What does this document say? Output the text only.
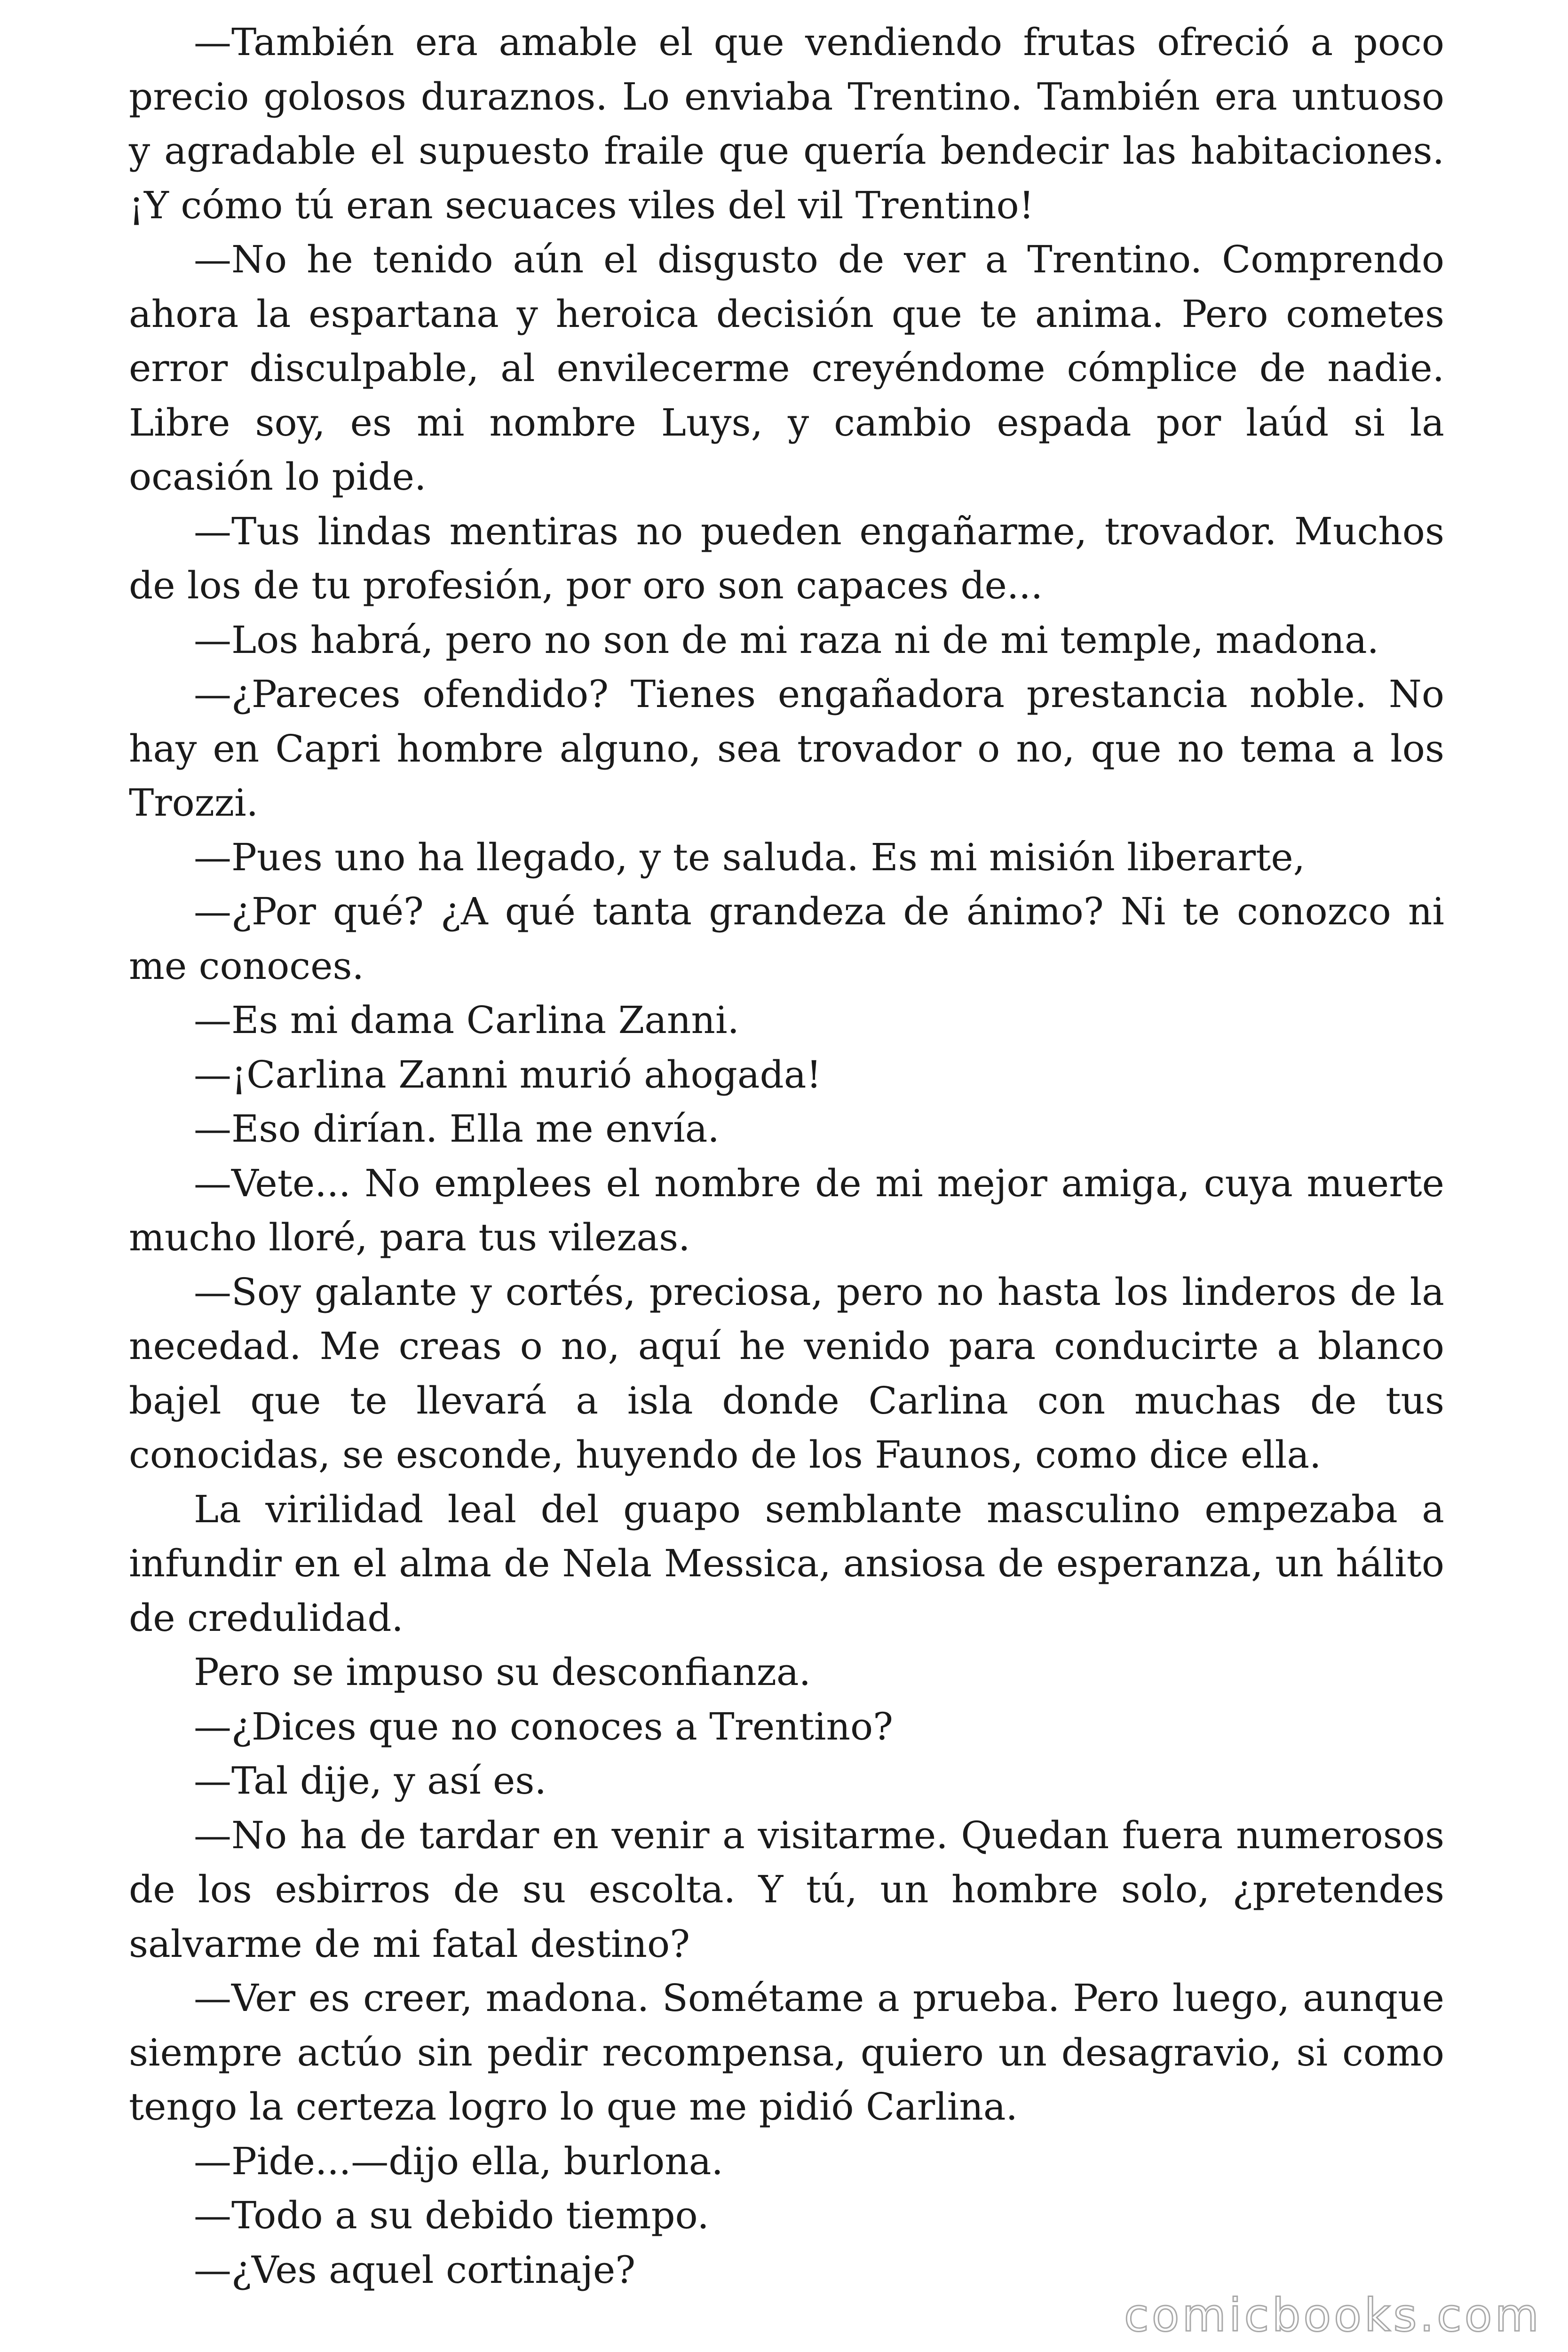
—También era amable el que vendiendo frutas ofreció a poco precio golosos duraznos. Lo enviaba Trentino. También era untuoso y agradable el supuesto fraile que quería bendecir las habitaciones. ¡Y cómo tú eran secuaces viles del vil Trentino!

—No he tenido aún el disgusto de ver a Trentino. Comprendo ahora la espartana y heroica decisión que te anima. Pero cometes error disculpable, al envilecerme creyéndome cómplice de nadie. Libre soy, es mi nombre Luys, y cambio espada por laúd si la ocasión lo pide.

—Tus lindas mentiras no pueden engañarme, trovador. Muchos de los de tu profesión, por oro son capaces de...

—Los habrá, pero no son de mi raza ni de mi temple, madona.

—¿Pareces ofendido? Tienes engañadora prestancia noble. No hay en Capri hombre alguno, sea trovador o no, que no tema a los Trozzi.

—Pues uno ha llegado, y te saluda. Es mi misión liberarte,

—¿Por qué? ¿A qué tanta grandeza de ánimo? Ni te conozco ni me conoces.

—Es mi dama Carlina Zanni.

—¡Carlina Zanni murió ahogada!

—Eso dirían. Ella me envía.

—Vete... No emplees el nombre de mi mejor amiga, cuya muerte mucho lloré, para tus vilezas.

—Soy galante y cortés, preciosa, pero no hasta los linderos de la necedad. Me creas o no, aquí he venido para conducirte a blanco bajel que te llevará a isla donde Carlina con muchas de tus conocidas, se esconde, huyendo de los Faunos, como dice ella.

La virilidad leal del guapo semblante masculino empezaba a infundir en el alma de Nela Messica, ansiosa de esperanza, un hálito de credulidad.

Pero se impuso su desconfianza.

—¿Dices que no conoces a Trentino?

—Tal dije, y así es.

—No ha de tardar en venir a visitarme. Quedan fuera numerosos de los esbirros de su escolta. Y tú, un hombre solo, ¿pretendes salvarme de mi fatal destino?

—Ver es creer, madona. Sométame a prueba. Pero luego, aunque siempre actúo sin pedir recompensa, quiero un desagravio, si como tengo la certeza logro lo que me pidió Carlina.

—Pide...—dijo ella, burlona.

—Todo a su debido tiempo.

—¿Ves aquel cortinaje?

comicbooks.com
